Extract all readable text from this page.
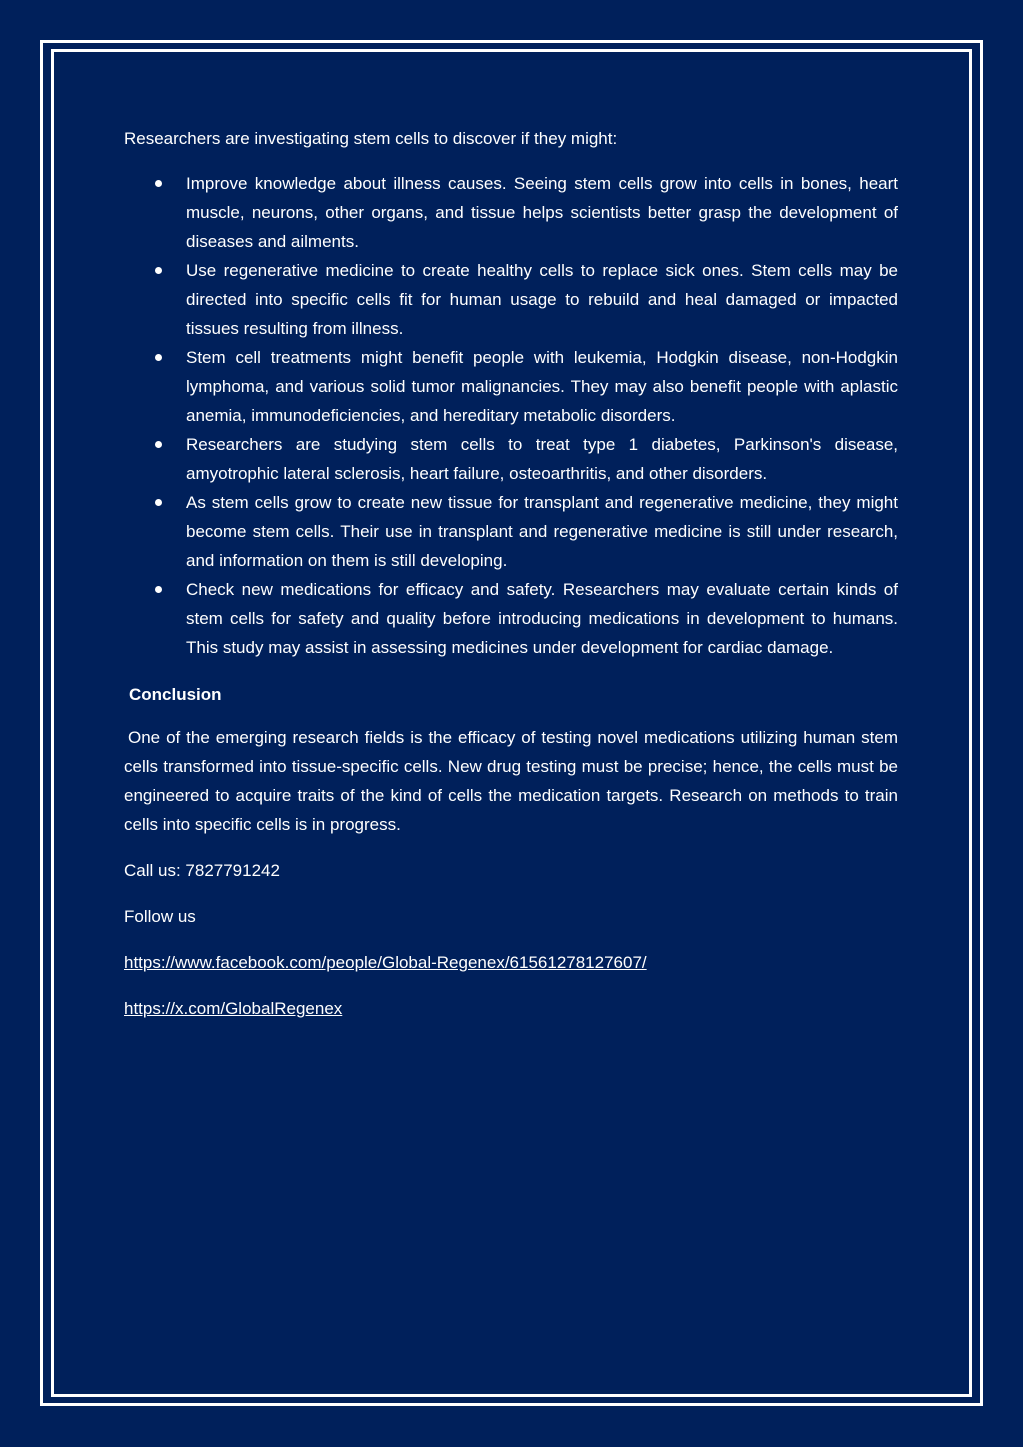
Researchers are investigating stem cells to discover if they might:

Improve knowledge about illness causes. Seeing stem cells grow into cells in bones, heart muscle, neurons, other organs, and tissue helps scientists better grasp the development of diseases and ailments.
Use regenerative medicine to create healthy cells to replace sick ones. Stem cells may be directed into specific cells fit for human usage to rebuild and heal damaged or impacted tissues resulting from illness.
Stem cell treatments might benefit people with leukemia, Hodgkin disease, non-Hodgkin lymphoma, and various solid tumor malignancies. They may also benefit people with aplastic anemia, immunodeficiencies, and hereditary metabolic disorders.
Researchers are studying stem cells to treat type 1 diabetes, Parkinson's disease, amyotrophic lateral sclerosis, heart failure, osteoarthritis, and other disorders.
As stem cells grow to create new tissue for transplant and regenerative medicine, they might become stem cells. Their use in transplant and regenerative medicine is still under research, and information on them is still developing.
Check new medications for efficacy and safety. Researchers may evaluate certain kinds of stem cells for safety and quality before introducing medications in development to humans. This study may assist in assessing medicines under development for cardiac damage.
Conclusion

One of the emerging research fields is the efficacy of testing novel medications utilizing human stem cells transformed into tissue-specific cells. New drug testing must be precise; hence, the cells must be engineered to acquire traits of the kind of cells the medication targets. Research on methods to train cells into specific cells is in progress.

Call us: 7827791242

Follow us

https://www.facebook.com/people/Global-Regenex/61561278127607/
https://x.com/GlobalRegenex
